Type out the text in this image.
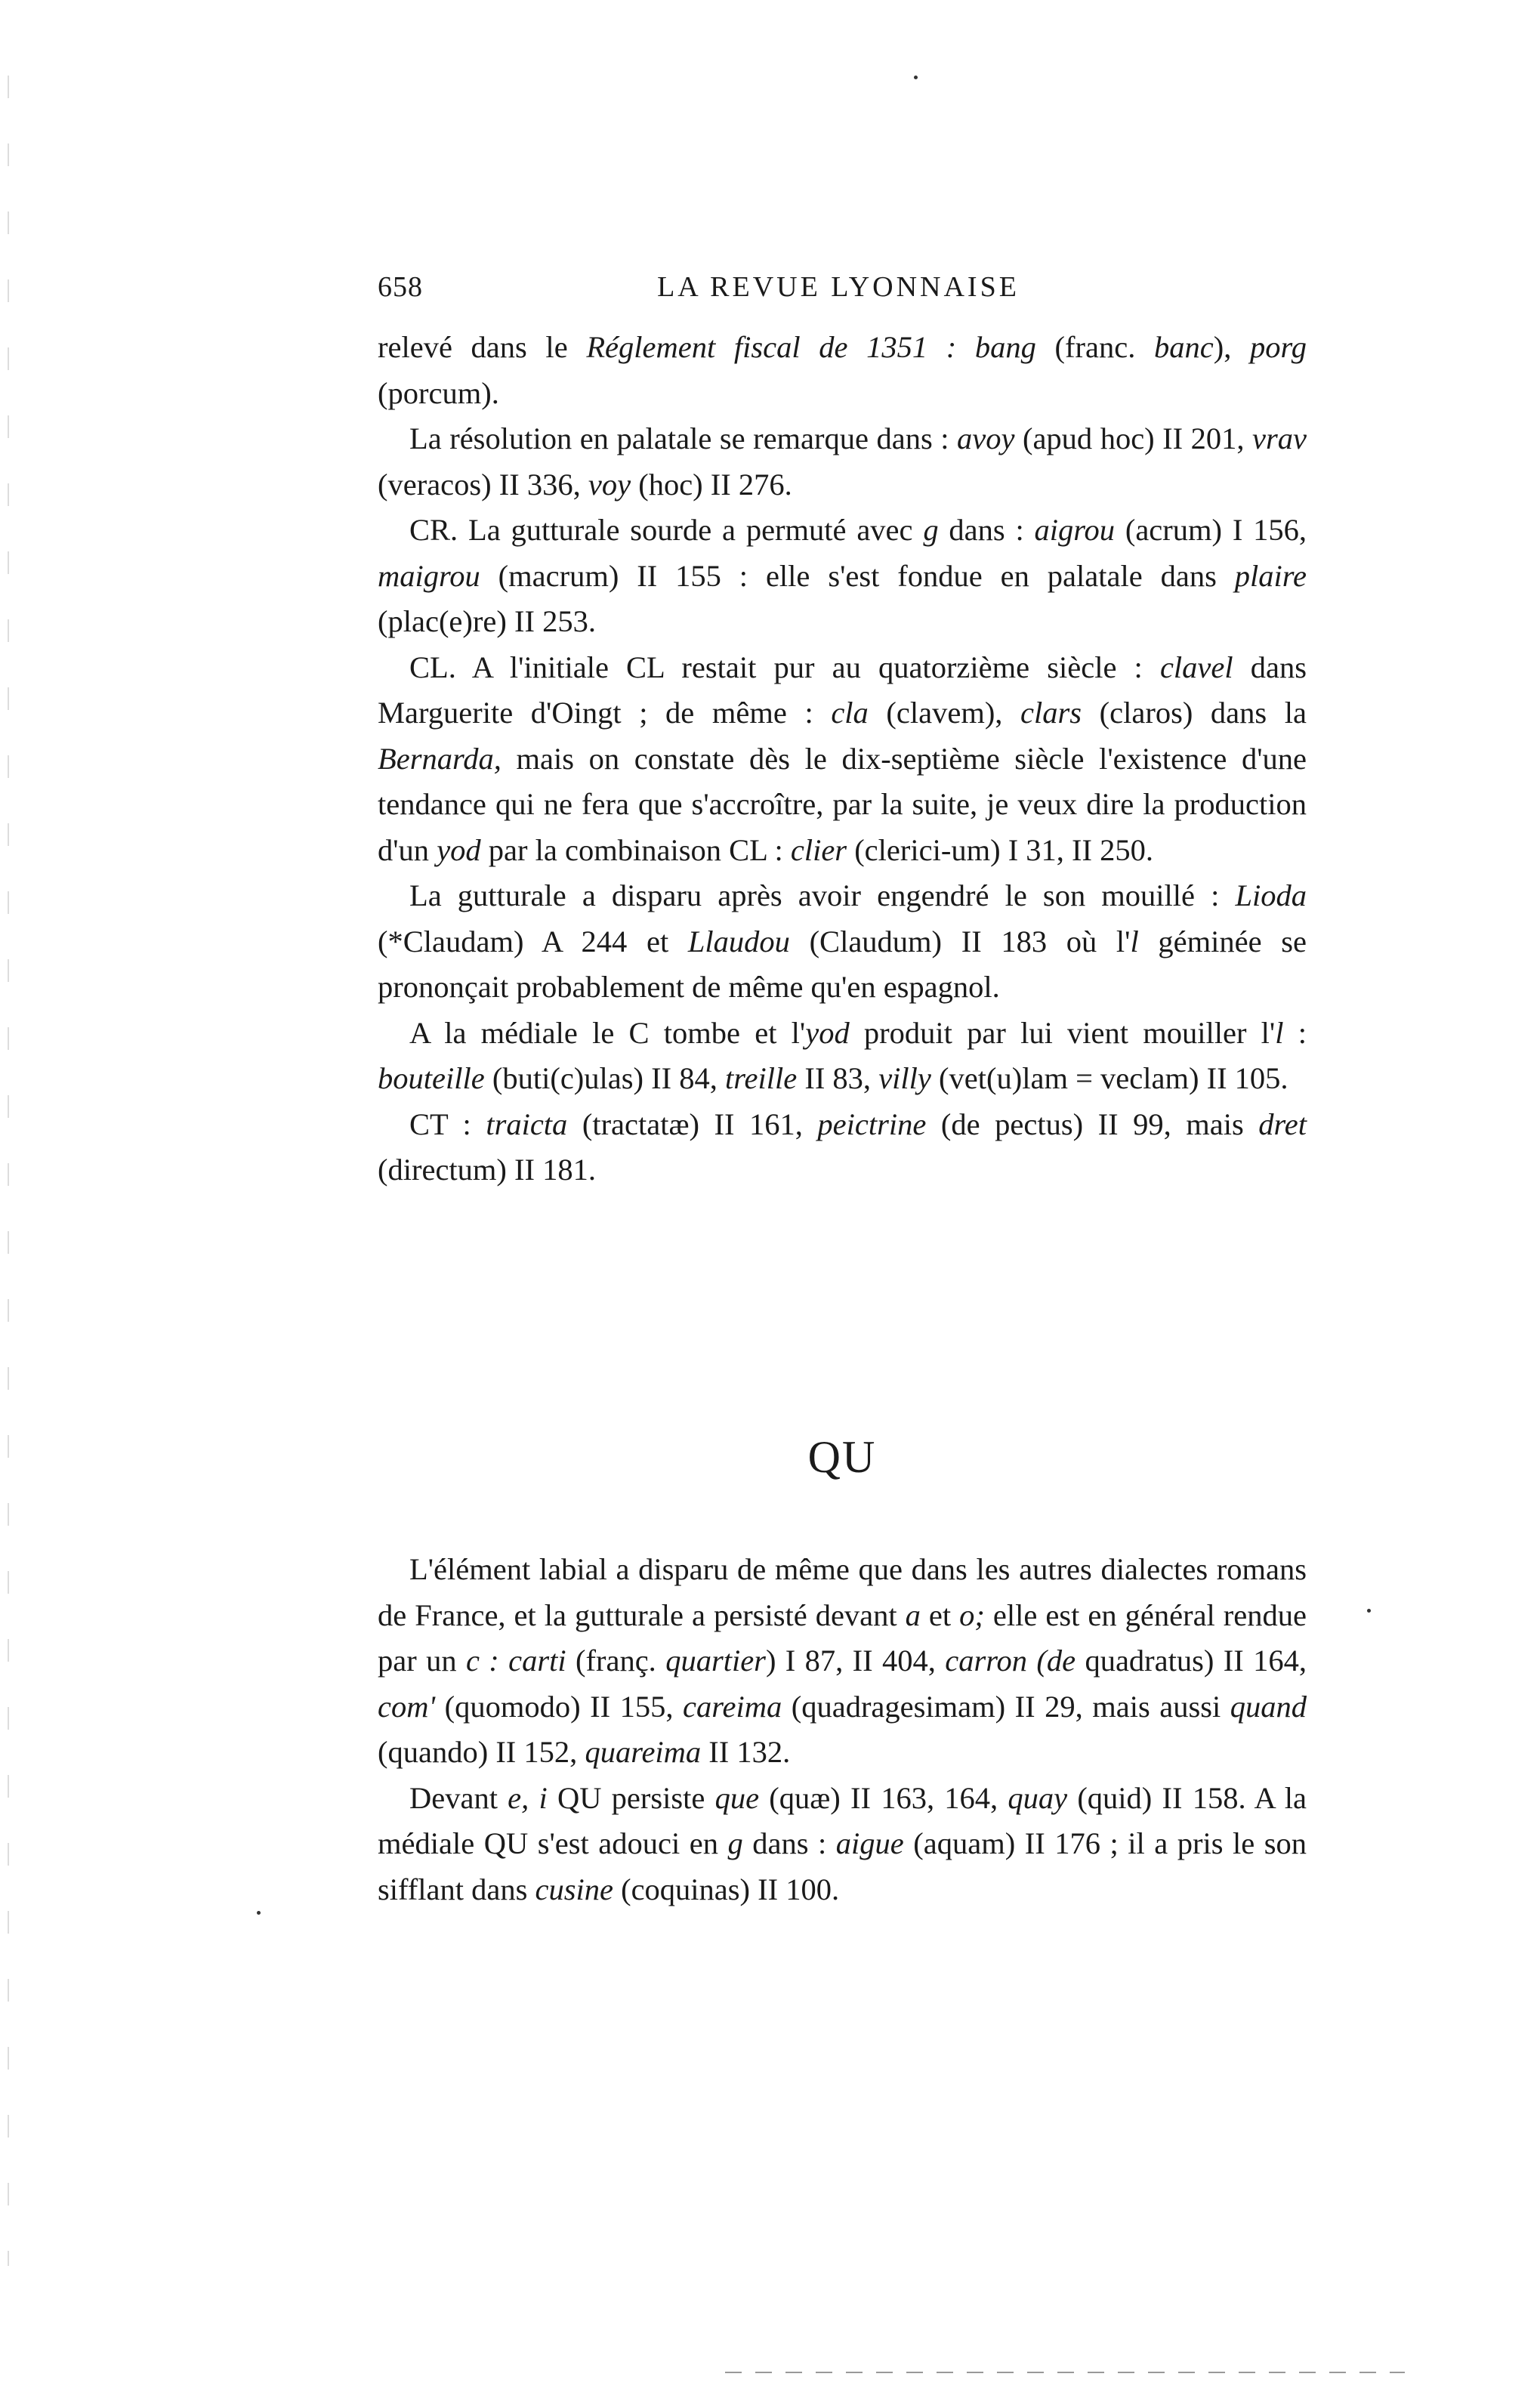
658	LA REVUE LYONNAISE

relevé dans le Réglement fiscal de 1351 : bang (franc. banc), porg (porcum).

La résolution en palatale se remarque dans : avoy (apud hoc) II 201, vrav (veracos) II 336, voy (hoc) II 276.

CR. La gutturale sourde a permuté avec g dans : aigrou (acrum) I 156, maigrou (macrum) II 155 : elle s'est fondue en palatale dans plaire (plac(e)re) II 253.

CL. A l'initiale CL restait pur au quatorzième siècle : clavel dans Marguerite d'Oingt ; de même : cla (clavem), clars (claros) dans la Bernarda, mais on constate dès le dix-septième siècle l'existence d'une tendance qui ne fera que s'accroître, par la suite, je veux dire la production d'un yod par la combinaison CL : clier (clerici-um) I 31, II 250.

La gutturale a disparu après avoir engendré le son mouillé : Lioda (*Claudam) A 244 et Llaudou (Claudum) II 183 où l'l géminée se prononçait probablement de même qu'en espagnol.

A la médiale le C tombe et l'yod produit par lui vient mouiller l'l : bouteille (buti(c)ulas) II 84, treille II 83, villy (vet(u)lam = veclam) II 105.

CT : traicta (tractatæ) II 161, peictrine (de pectus) II 99, mais dret (directum) II 181.

QU

L'élément labial a disparu de même que dans les autres dialectes romans de France, et la gutturale a persisté devant a et o; elle est en général rendue par un c : carti (franç. quartier) I 87, II 404, carron (de quadratus) II 164, com' (quomodo) II 155, careima (quadragesimam) II 29, mais aussi quand (quando) II 152, quareima II 132.

Devant e, i QU persiste que (quæ) II 163, 164, quay (quid) II 158. A la médiale QU s'est adouci en g dans : aigue (aquam) II 176 ; il a pris le son sifflant dans cusine (coquinas) II 100.
